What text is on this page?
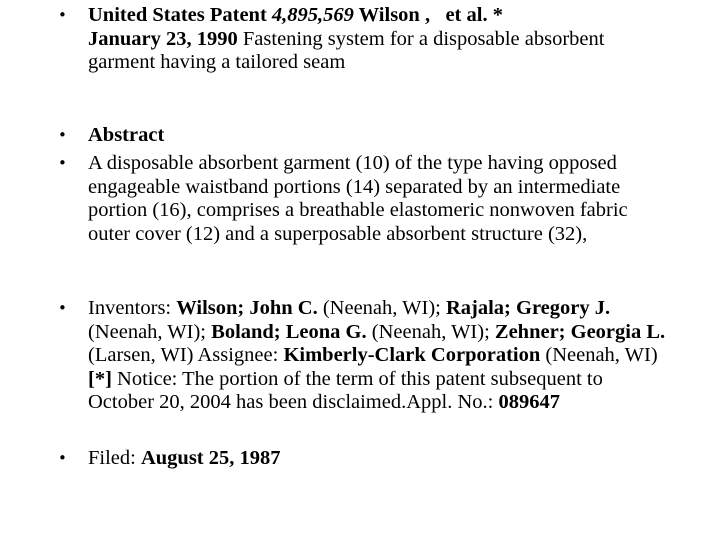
• United States Patent 4,895,569 Wilson ,   et al. *
January 23, 1990 Fastening system for a disposable absorbent garment having a tailored seam

• Abstract

• A disposable absorbent garment (10) of the type having opposed engageable waistband portions (14) separated by an intermediate portion (16), comprises a breathable elastomeric nonwoven fabric outer cover (12) and a superposable absorbent structure (32),

• Inventors: Wilson; John C. (Neenah, WI); Rajala; Gregory J. (Neenah, WI); Boland; Leona G. (Neenah, WI); Zehner; Georgia L. (Larsen, WI) Assignee: Kimberly-Clark Corporation (Neenah, WI) [*] Notice: The portion of the term of this patent subsequent to October 20, 2004 has been disclaimed.Appl. No.: 089647

• Filed: August 25, 1987
